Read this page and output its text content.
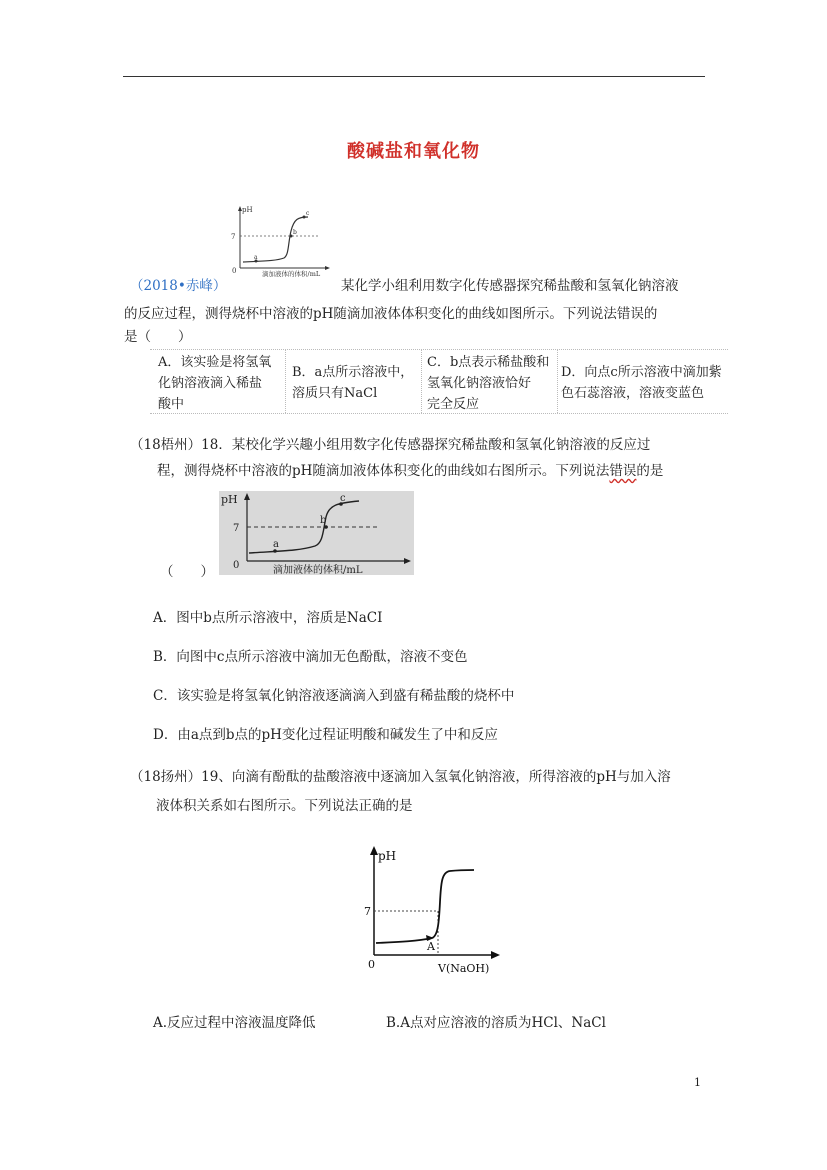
酸碱盐和氧化物
pH
7
0
a
b
c
滴加液体的体积/mL
（2018•赤峰）	某化学小组利用数字化传感器探究稀盐酸和氢氧化钠溶液
的反应过程，测得烧杯中溶液的pH随滴加液体体积变化的曲线如图所示。下列说法错误的
是（　　）
A．该实验是将氢氧
化钠溶液滴入稀盐
酸中
B．a点所示溶液中，
溶质只有NaCl
C．b点表示稀盐酸和
氢氧化钠溶液恰好
完全反应
D．向点c所示溶液中滴加紫
色石蕊溶液，溶液变蓝色
（18梧州）18．某校化学兴趣小组用数字化传感器探究稀盐酸和氢氧化钠溶液的反应过
程，测得烧杯中溶液的pH随滴加液体体积变化的曲线如右图所示。下列说法错误的是
（　　）
pH
7
0
a
b
c
滴加液体的体积/mL
A．图中b点所示溶液中，溶质是NaCI
B．向图中c点所示溶液中滴加无色酚酞，溶液不变色
C．该实验是将氢氧化钠溶液逐滴滴入到盛有稀盐酸的烧杯中
D．由a点到b点的pH变化过程证明酸和碱发生了中和反应
（18扬州）19、向滴有酚酞的盐酸溶液中逐滴加入氢氧化钠溶液，所得溶液的pH与加入溶
液体积关系如右图所示。下列说法正确的是
pH
7
0
A
V(NaOH)
A.反应过程中溶液温度降低	B.A点对应溶液的溶质为HCl、NaCl
1
